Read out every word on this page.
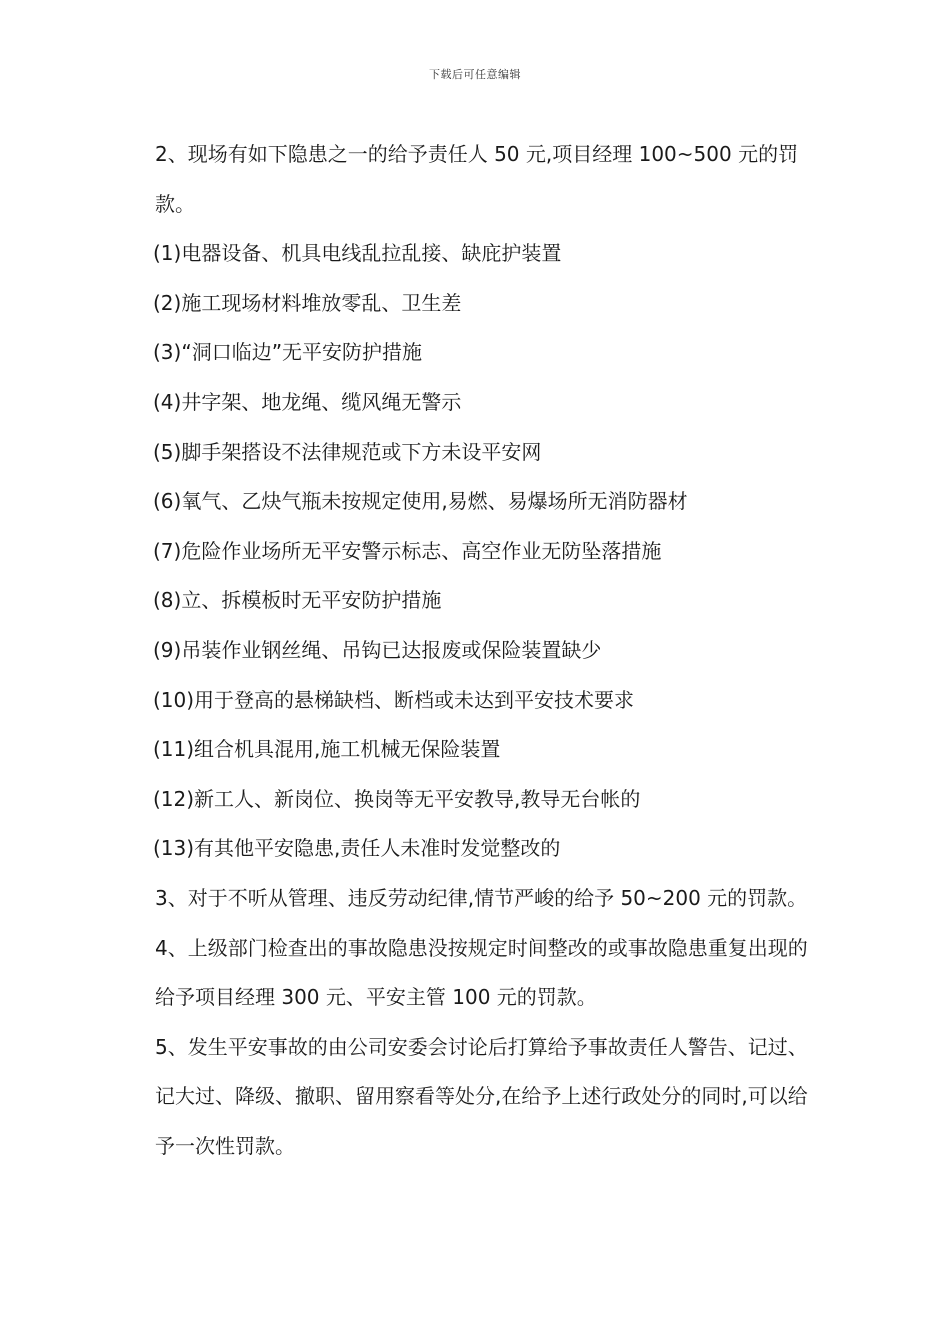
下载后可任意编辑

2、现场有如下隐患之一的给予责任人 50 元,项目经理 100~500 元的罚款。

(1)电器设备、机具电线乱拉乱接、缺庇护装置

(2)施工现场材料堆放零乱、卫生差

(3)“洞口临边”无平安防护措施

(4)井字架、地龙绳、缆风绳无警示

(5)脚手架搭设不法律规范或下方未设平安网

(6)氧气、乙炔气瓶未按规定使用,易燃、易爆场所无消防器材

(7)危险作业场所无平安警示标志、高空作业无防坠落措施

(8)立、拆模板时无平安防护措施

(9)吊装作业钢丝绳、吊钩已达报废或保险装置缺少

(10)用于登高的悬梯缺档、断档或未达到平安技术要求

(11)组合机具混用,施工机械无保险装置

(12)新工人、新岗位、换岗等无平安教导,教导无台帐的

(13)有其他平安隐患,责任人未准时发觉整改的

3、对于不听从管理、违反劳动纪律,情节严峻的给予 50~200 元的罚款。

4、上级部门检查出的事故隐患没按规定时间整改的或事故隐患重复出现的给予项目经理 300 元、平安主管 100 元的罚款。

5、发生平安事故的由公司安委会讨论后打算给予事故责任人警告、记过、记大过、降级、撤职、留用察看等处分,在给予上述行政处分的同时,可以给予一次性罚款。
